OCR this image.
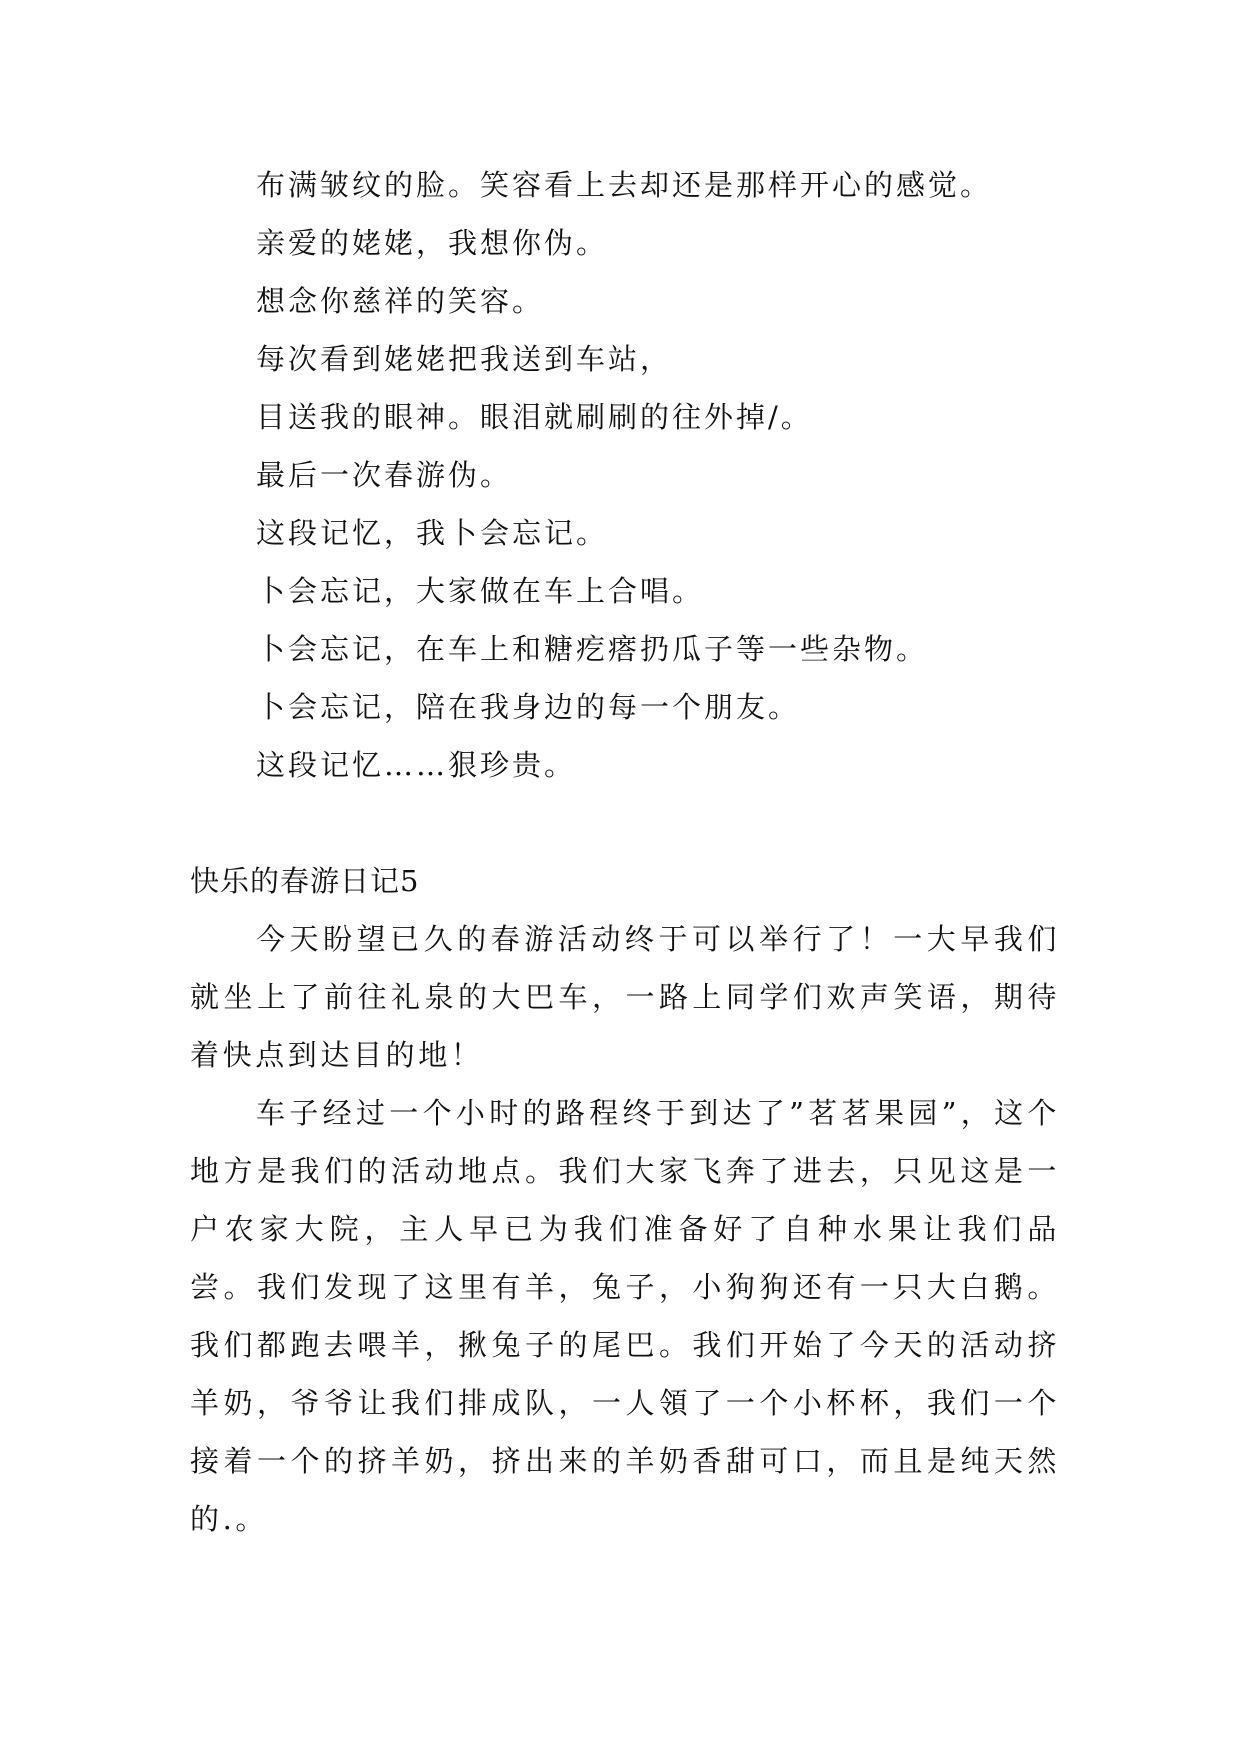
布满皱纹的脸。笑容看上去却还是那样开心的感觉。
亲爱的姥姥，我想你伪。
想念你慈祥的笑容。
每次看到姥姥把我送到车站，
目送我的眼神。眼泪就刷刷的往外掉/。
最后一次春游伪。
这段记忆，我卜会忘记。
卜会忘记，大家做在车上合唱。
卜会忘记，在车上和糖疙瘩扔瓜子等一些杂物。
卜会忘记，陪在我身边的每一个朋友。
这段记忆……狠珍贵。
快乐的春游日记5
今天盼望已久的春游活动终于可以举行了！一大早我们就坐上了前往礼泉的大巴车，一路上同学们欢声笑语，期待着快点到达目的地！
车子经过一个小时的路程终于到达了”茗茗果园”，这个地方是我们的活动地点。我们大家飞奔了进去，只见这是一户农家大院，主人早已为我们准备好了自种水果让我们品尝。我们发现了这里有羊，兔子，小狗狗还有一只大白鹅。我们都跑去喂羊，揪兔子的尾巴。我们开始了今天的活动挤羊奶，爷爷让我们排成队，一人領了一个小杯杯，我们一个接着一个的挤羊奶，挤出来的羊奶香甜可口，而且是纯天然的.。
